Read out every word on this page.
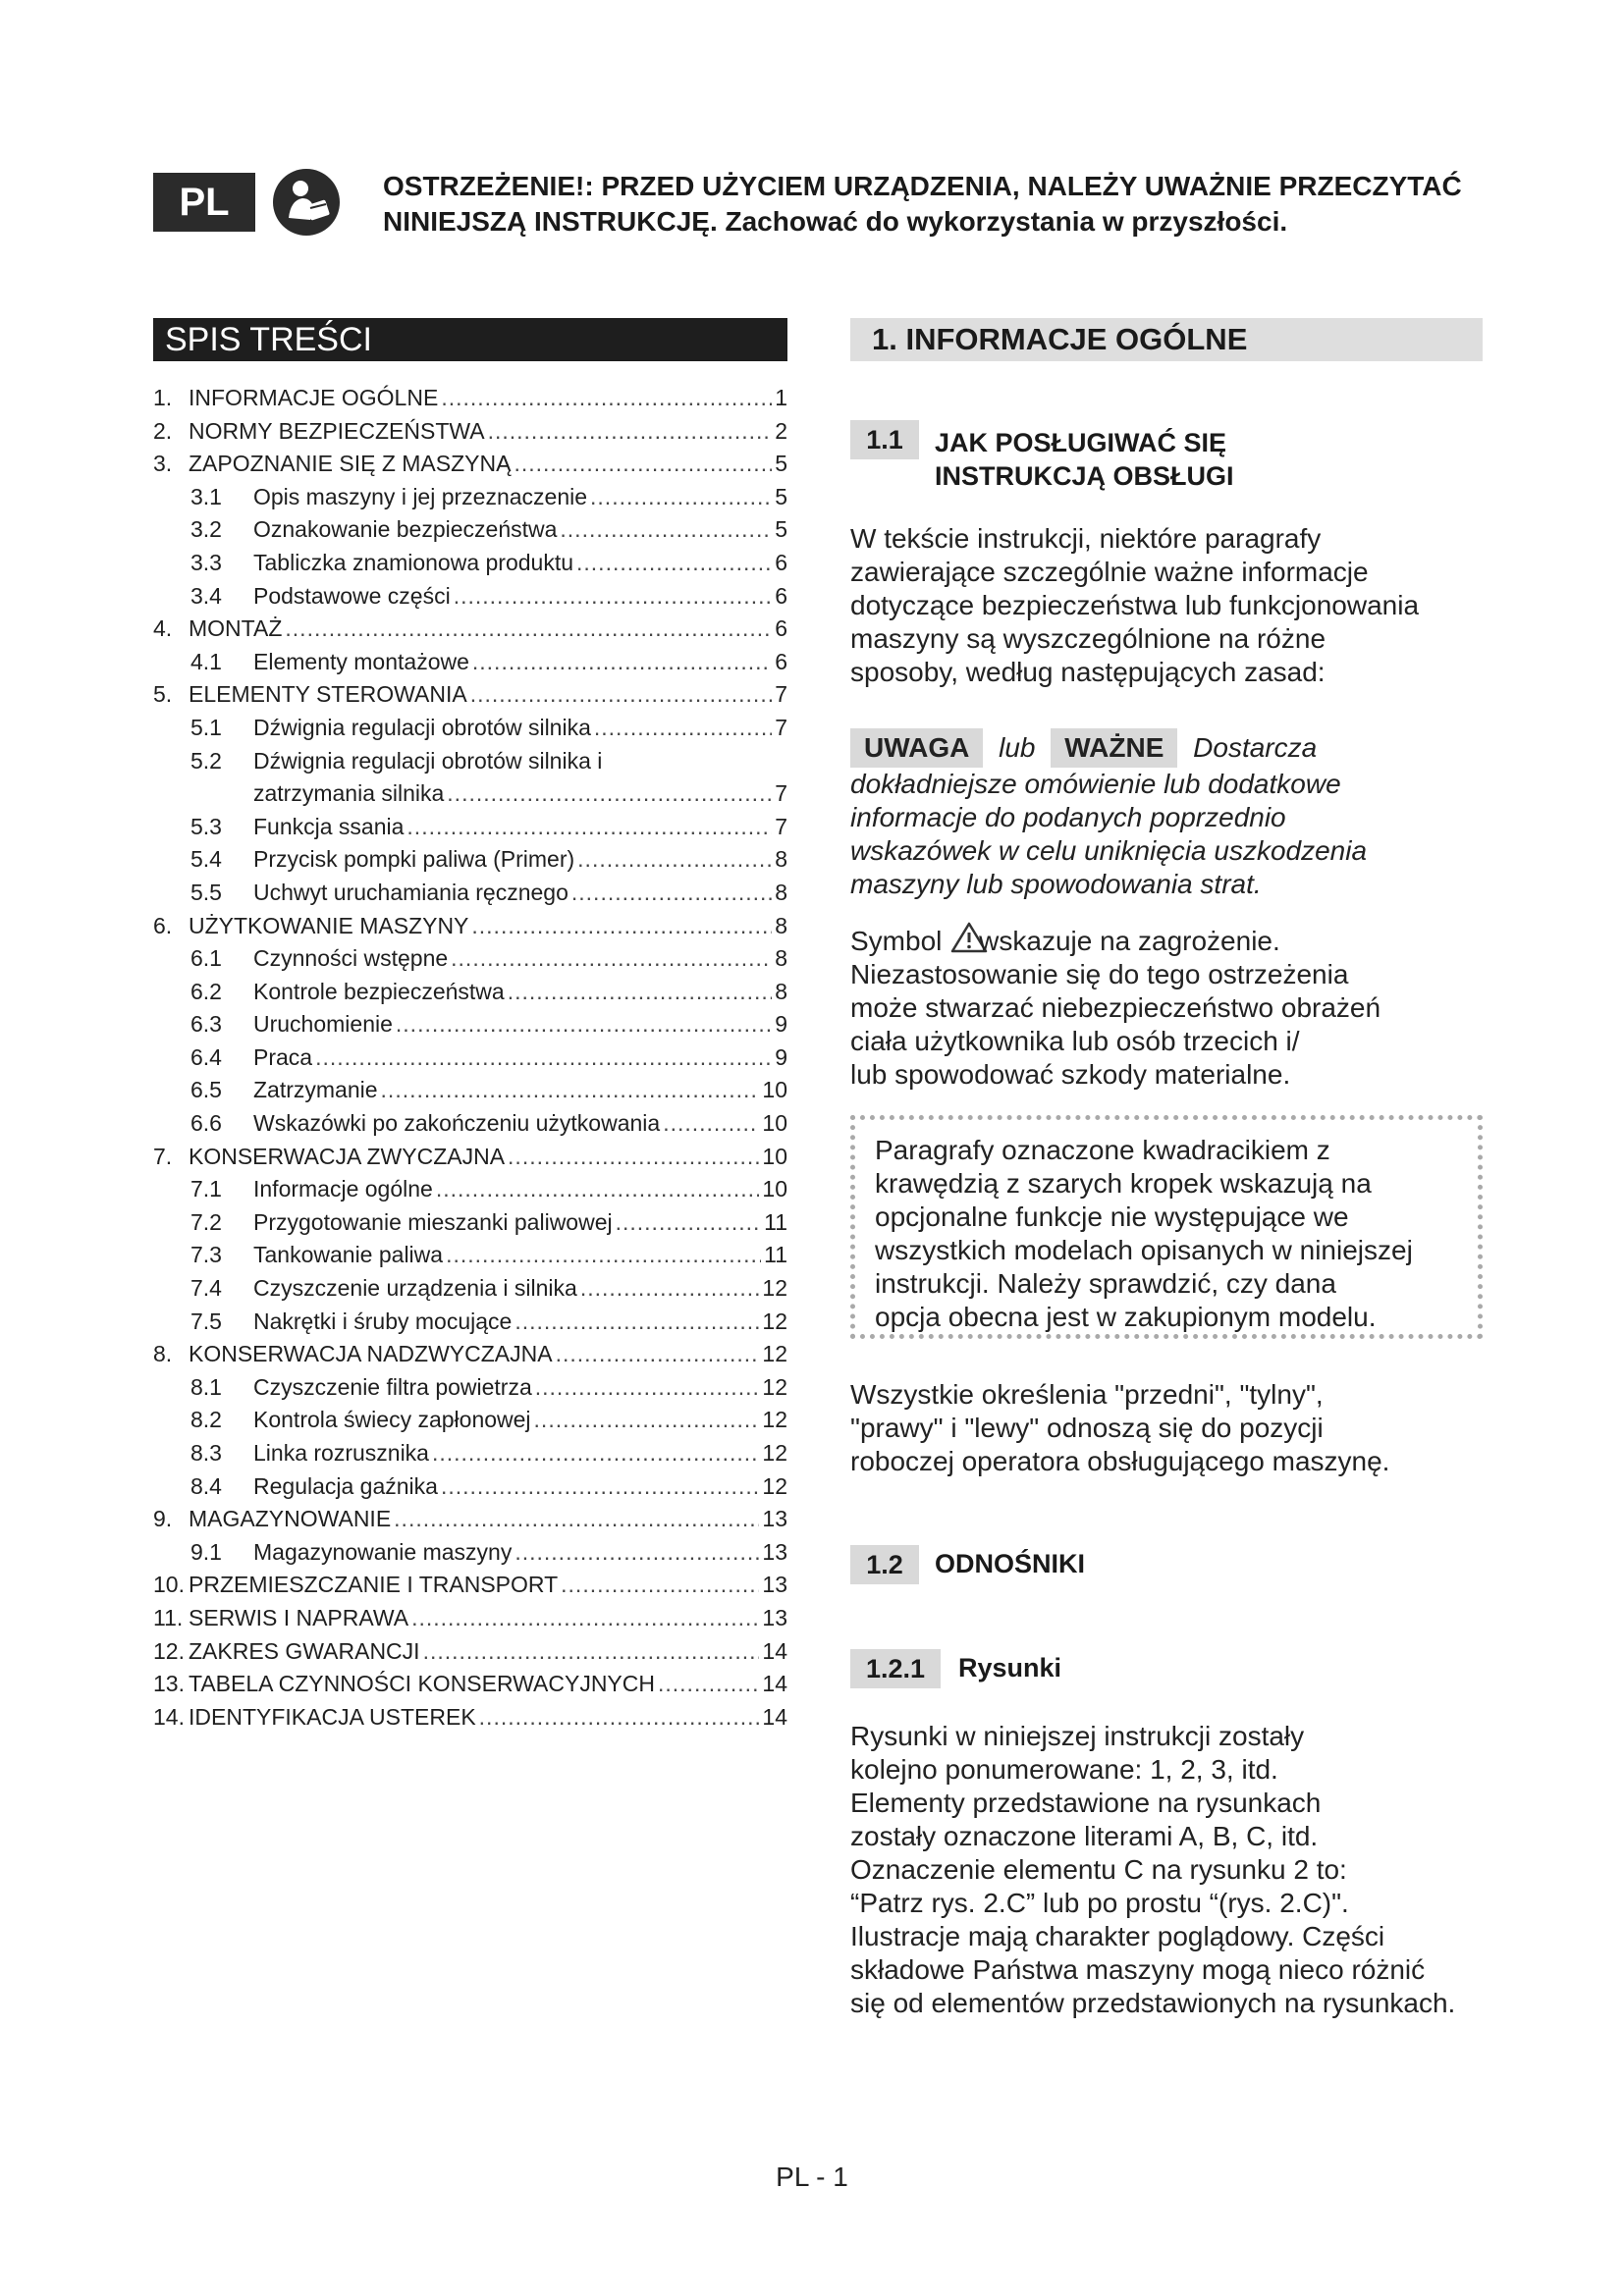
PL	OSTRZEŻENIE!: PRZED UŻYCIEM URZĄDZENIA, NALEŻY UWAŻNIE PRZECZYTAĆ
NINIEJSZĄ INSTRUKCJĘ. Zachować do wykorzystania w przyszłości.
SPIS TREŚCI
1. INFORMACJE OGÓLNE .....	1
2. NORMY BEZPIECZEŃSTWA .....	2
3. ZAPOZNANIE SIĘ Z MASZYNĄ .....	5
3.1	Opis maszyny i jej przeznaczenie .....	5
3.2	Oznakowanie bezpieczeństwa .....	5
3.3	Tabliczka znamionowa produktu .....	6
3.4	Podstawowe części .....	6
4. MONTAŻ .....	6
4.1	Elementy montażowe .....	6
5. ELEMENTY STEROWANIA .....	7
5.1	Dźwignia regulacji obrotów silnika .....	7
5.2	Dźwignia regulacji obrotów silnika i
zatrzymania silnika .....	7
5.3	Funkcja ssania .....	7
5.4	Przycisk pompki paliwa (Primer) .....	8
5.5	Uchwyt uruchamiania ręcznego .....	8
6. UŻYTKOWANIE MASZYNY .....	8
6.1	Czynności wstępne .....	8
6.2	Kontrole bezpieczeństwa .....	8
6.3	Uruchomienie .....	9
6.4	Praca .....	9
6.5	Zatrzymanie .....	10
6.6	Wskazówki po zakończeniu użytkowania .....	10
7. KONSERWACJA ZWYCZAJNA .....	10
7.1	Informacje ogólne .....	10
7.2	Przygotowanie mieszanki paliwowej .....	11
7.3	Tankowanie paliwa .....	11
7.4	Czyszczenie urządzenia i silnika .....	12
7.5	Nakrętki i śruby mocujące .....	12
8. KONSERWACJA NADZWYCZAJNA .....	12
8.1	Czyszczenie filtra powietrza .....	12
8.2	Kontrola świecy zapłonowej .....	12
8.3	Linka rozrusznika .....	12
8.4	Regulacja gaźnika .....	12
9. MAGAZYNOWANIE .....	13
9.1	Magazynowanie maszyny .....	13
10. PRZEMIESZCZANIE I TRANSPORT .....	13
11. SERWIS I NAPRAWA .....	13
12. ZAKRES GWARANCJI .....	14
13. TABELA CZYNNOŚCI KONSERWACYJNYCH .....	14
14. IDENTYFIKACJA USTEREK .....	14
1. INFORMACJE OGÓLNE
1.1	JAK POSŁUGIWAĆ SIĘ
INSTRUKCJĄ OBSŁUGI
W tekście instrukcji, niektóre paragrafy
zawierające szczególnie ważne informacje
dotyczące bezpieczeństwa lub funkcjonowania
maszyny są wyszczególnione na różne
sposoby, według następujących zasad:
UWAGA lub WAŻNE Dostarcza
dokładniejsze omówienie lub dodatkowe
informacje do podanych poprzednio
wskazówek w celu uniknięcia uszkodzenia
maszyny lub spowodowania strat.
Symbol wskazuje na zagrożenie.
Niezastosowanie się do tego ostrzeżenia
może stwarzać niebezpieczeństwo obrażeń
ciała użytkownika lub osób trzecich i/
lub spowodować szkody materialne.
Paragrafy oznaczone kwadracikiem z
krawędzią z szarych kropek wskazują na
opcjonalne funkcje nie występujące we
wszystkich modelach opisanych w niniejszej
instrukcji. Należy sprawdzić, czy dana
opcja obecna jest w zakupionym modelu.
Wszystkie określenia "przedni", "tylny",
"prawy" i "lewy" odnoszą się do pozycji
roboczej operatora obsługującego maszynę.
1.2	ODNOŚNIKI
1.2.1	Rysunki
Rysunki w niniejszej instrukcji zostały
kolejno ponumerowane: 1, 2, 3, itd.
Elementy przedstawione na rysunkach
zostały oznaczone literami A, B, C, itd.
Oznaczenie elementu C na rysunku 2 to:
“Patrz rys. 2.C” lub po prostu “(rys. 2.C)".
Ilustracje mają charakter poglądowy. Części
składowe Państwa maszyny mogą nieco różnić
się od elementów przedstawionych na rysunkach.
PL - 1
